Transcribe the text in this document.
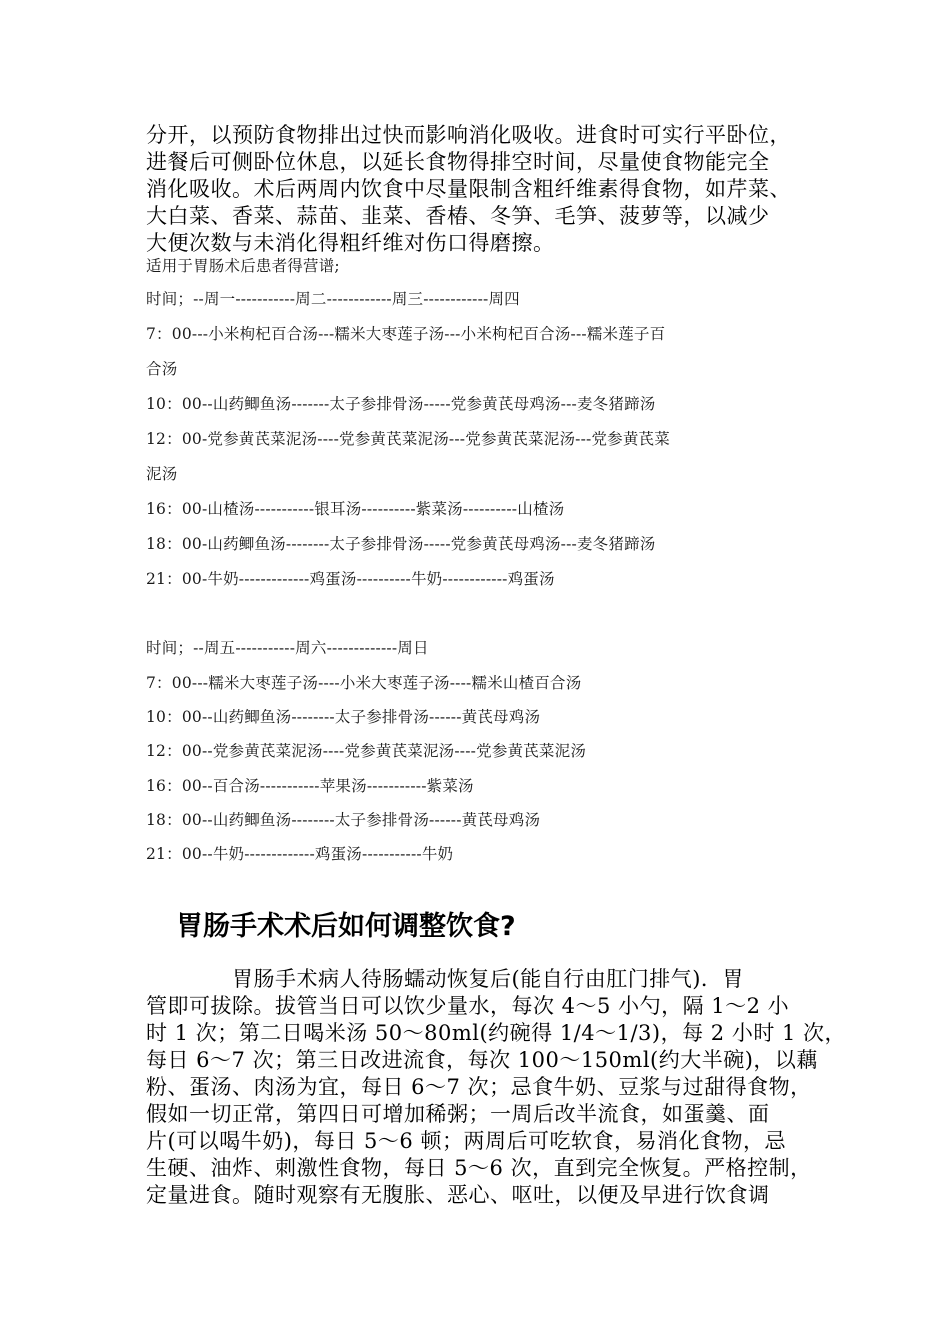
分开，以预防食物排出过快而影响消化吸收。进食时可实行平卧位，
进餐后可侧卧位休息，以延长食物得排空时间，尽量使食物能完全
消化吸收。术后两周内饮食中尽量限制含粗纤维素得食物，如芹菜、
大白菜、香菜、蒜苗、韭菜、香椿、冬笋、毛笋、菠萝等，以减少
大便次数与未消化得粗纤维对伤口得磨擦。
适用于胃肠术后患者得营谱;
时间；--周一-----------周二------------周三------------周四
7：00---小米枸杞百合汤---糯米大枣莲子汤---小米枸杞百合汤---糯米莲子百
合汤
10：00--山药鲫鱼汤-------太子参排骨汤-----党参黄芪母鸡汤---麦冬猪蹄汤
12：00-党参黄芪菜泥汤----党参黄芪菜泥汤---党参黄芪菜泥汤---党参黄芪菜
泥汤
16：00-山楂汤-----------银耳汤----------紫菜汤----------山楂汤
18：00-山药鲫鱼汤--------太子参排骨汤-----党参黄芪母鸡汤---麦冬猪蹄汤
21：00-牛奶-------------鸡蛋汤----------牛奶------------鸡蛋汤
时间；--周五-----------周六-------------周日
7：00---糯米大枣莲子汤----小米大枣莲子汤----糯米山楂百合汤
10：00--山药鲫鱼汤--------太子参排骨汤------黄芪母鸡汤
12：00--党参黄芪菜泥汤----党参黄芪菜泥汤----党参黄芪菜泥汤
16：00--百合汤-----------苹果汤-----------紫菜汤
18：00--山药鲫鱼汤--------太子参排骨汤------黄芪母鸡汤
21：00--牛奶-------------鸡蛋汤-----------牛奶
胃肠手术术后如何调整饮食?
　　　　胃肠手术病人待肠蠕动恢复后(能自行由肛门排气)．胃
管即可拔除。拔管当日可以饮少量水，每次 4～5 小勺，隔 1～2 小
时 1 次；第二日喝米汤 50～80ml(约碗得 1/4～1/3)，每 2 小时 1 次，
每日 6～7 次；第三日改进流食，每次 100～150ml(约大半碗)，以藕
粉、蛋汤、肉汤为宜，每日 6～7 次；忌食牛奶、豆浆与过甜得食物，
假如一切正常，第四日可增加稀粥；一周后改半流食，如蛋羹、面
片(可以喝牛奶)，每日 5～6 顿；两周后可吃软食，易消化食物，忌
生硬、油炸、刺激性食物，每日 5～6 次，直到完全恢复。严格控制，
定量进食。随时观察有无腹胀、恶心、呕吐，以便及早进行饮食调
